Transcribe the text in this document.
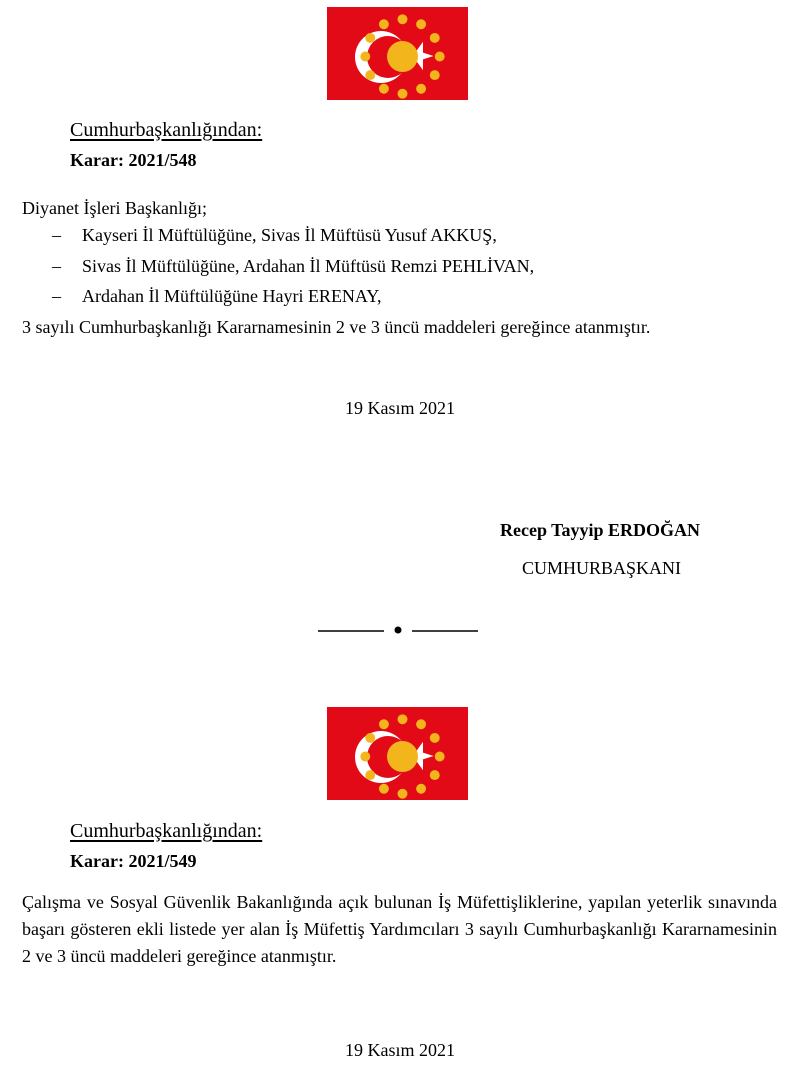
Cumhurbaşkanlığından:
Karar: 2021/548
Diyanet İşleri Başkanlığı;
– Kayseri İl Müftülüğüne, Sivas İl Müftüsü Yusuf AKKUŞ,
– Sivas İl Müftülüğüne, Ardahan İl Müftüsü Remzi PEHLİVAN,
– Ardahan İl Müftülüğüne Hayri ERENAY,
3 sayılı Cumhurbaşkanlığı Kararnamesinin 2 ve 3 üncü maddeleri gereğince atanmıştır.
19 Kasım 2021
Recep Tayyip ERDOĞAN
CUMHURBAŞKANI
Cumhurbaşkanlığından:
Karar: 2021/549
Çalışma ve Sosyal Güvenlik Bakanlığında açık bulunan İş Müfettişliklerine, yapılan yeterlik sınavında başarı gösteren ekli listede yer alan İş Müfettiş Yardımcıları 3 sayılı Cumhurbaşkanlığı Kararnamesinin 2 ve 3 üncü maddeleri gereğince atanmıştır.
19 Kasım 2021
